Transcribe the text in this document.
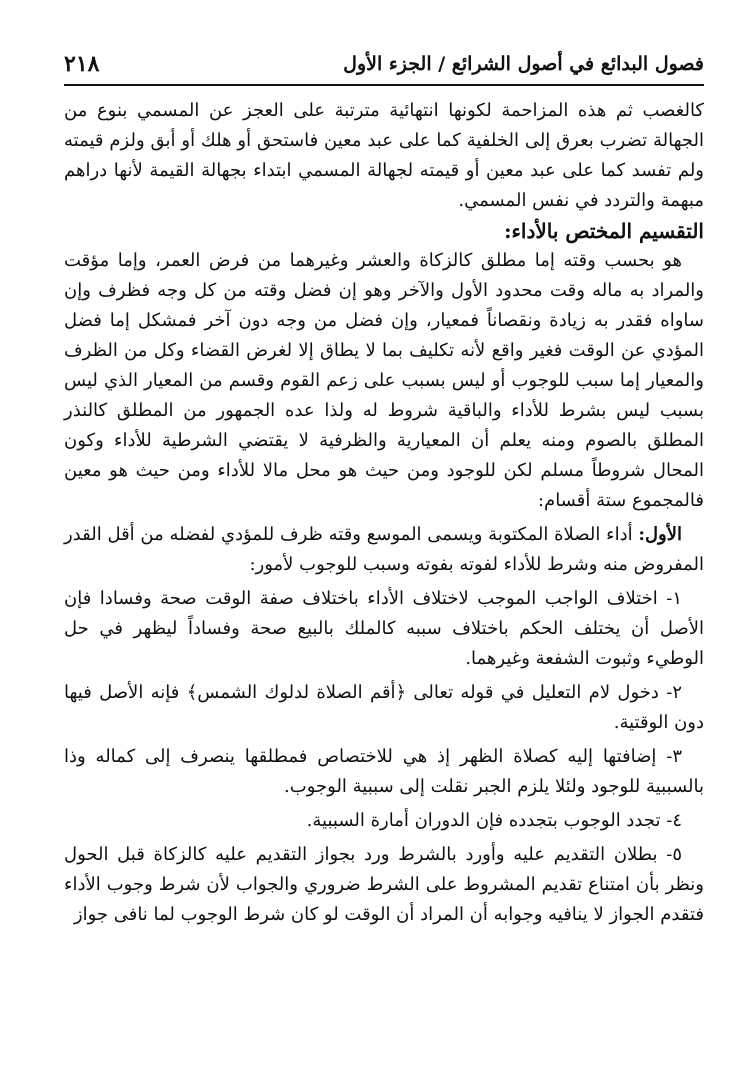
فصول البدائع في أصول الشرائع / الجزء الأول
٢١٨

كالغصب ثم هذه المزاحمة لكونها انتهائية مترتبة على العجز عن المسمي بنوع من الجهالة تضرب بعرق إلى الخلفية كما على عبد معين فاستحق أو هلك أو أبق ولزم قيمته ولم تفسد كما على عبد معين أو قيمته لجهالة المسمي ابتداء بجهالة القيمة لأنها دراهم مبهمة والتردد في نفس المسمي.

التقسيم المختص بالأداء:

هو بحسب وقته إما مطلق كالزكاة والعشر وغيرهما من فرض العمر، وإما مؤقت والمراد به ماله وقت محدود الأول والآخر وهو إن فضل وقته من كل وجه فظرف وإن ساواه فقدر به زيادة ونقصاناً فمعيار، وإن فضل من وجه دون آخر فمشكل إما فضل المؤدي عن الوقت فغير واقع لأنه تكليف بما لا يطاق إلا لغرض القضاء وكل من الظرف والمعيار إما سبب للوجوب أو ليس بسبب على زعم القوم وقسم من المعيار الذي ليس بسبب ليس بشرط للأداء والباقية شروط له ولذا عده الجمهور من المطلق كالنذر المطلق بالصوم ومنه يعلم أن المعيارية والظرفية لا يقتضي الشرطية للأداء وكون المحال شروطاً مسلم لكن للوجود ومن حيث هو محل مالا للأداء ومن حيث هو معين فالمجموع ستة أقسام:

الأول: أداء الصلاة المكتوبة ويسمى الموسع وقته ظرف للمؤدي لفضله من أقل القدر المفروض منه وشرط للأداء لفوته بفوته وسبب للوجوب لأمور:

١- اختلاف الواجب الموجب لاختلاف الأداء باختلاف صفة الوقت صحة وفسادا فإن الأصل أن يختلف الحكم باختلاف سببه كالملك بالبيع صحة وفساداً ليظهر في حل الوطيء وثبوت الشفعة وغيرهما.

٢- دخول لام التعليل في قوله تعالى ﴿أقم الصلاة لدلوك الشمس﴾ فإنه الأصل فيها دون الوقتية.

٣- إضافتها إليه كصلاة الظهر إذ هي للاختصاص فمطلقها ينصرف إلى كماله وذا بالسببية للوجود ولئلا يلزم الجبر نقلت إلى سببية الوجوب.

٤- تجدد الوجوب بتجدده فإن الدوران أمارة السببية.

٥- بطلان التقديم عليه وأورد بالشرط ورد بجواز التقديم عليه كالزكاة قبل الحول ونظر بأن امتناع تقديم المشروط على الشرط ضروري والجواب لأن شرط وجوب الأداء فتقدم الجواز لا ينافيه وجوابه أن المراد أن الوقت لو كان شرط الوجوب لما نافى جواز
